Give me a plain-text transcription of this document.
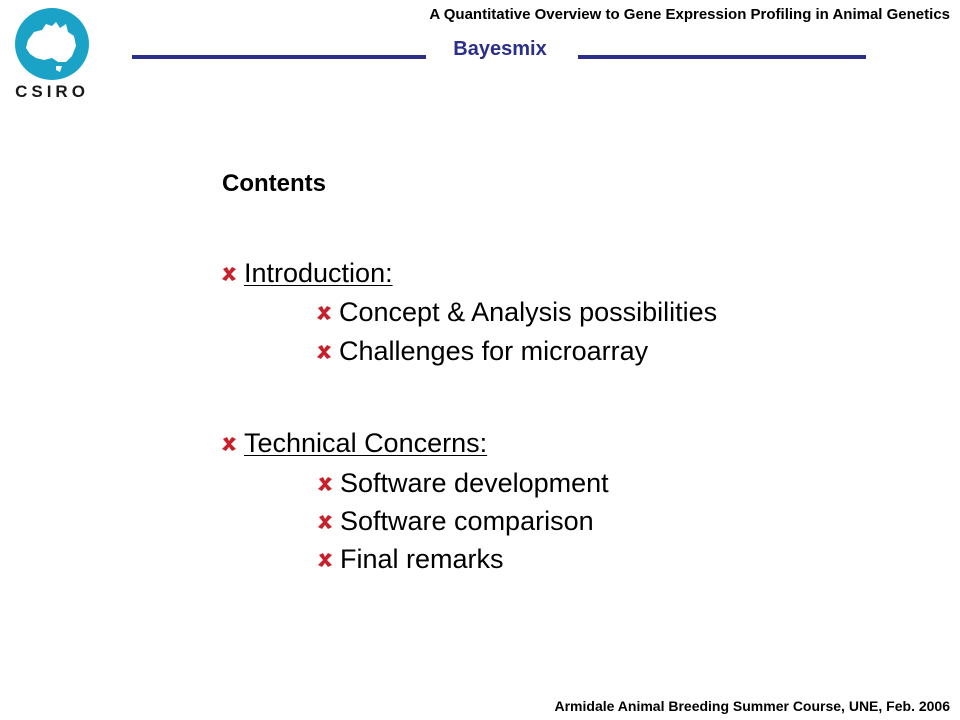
CSIRO
A Quantitative Overview to Gene Expression Profiling in Animal Genetics
Bayesmix
Contents
Introduction:
Concept & Analysis possibilities
Challenges for microarray
Technical Concerns:
Software development
Software comparison
Final remarks
Armidale Animal Breeding Summer Course, UNE, Feb. 2006
